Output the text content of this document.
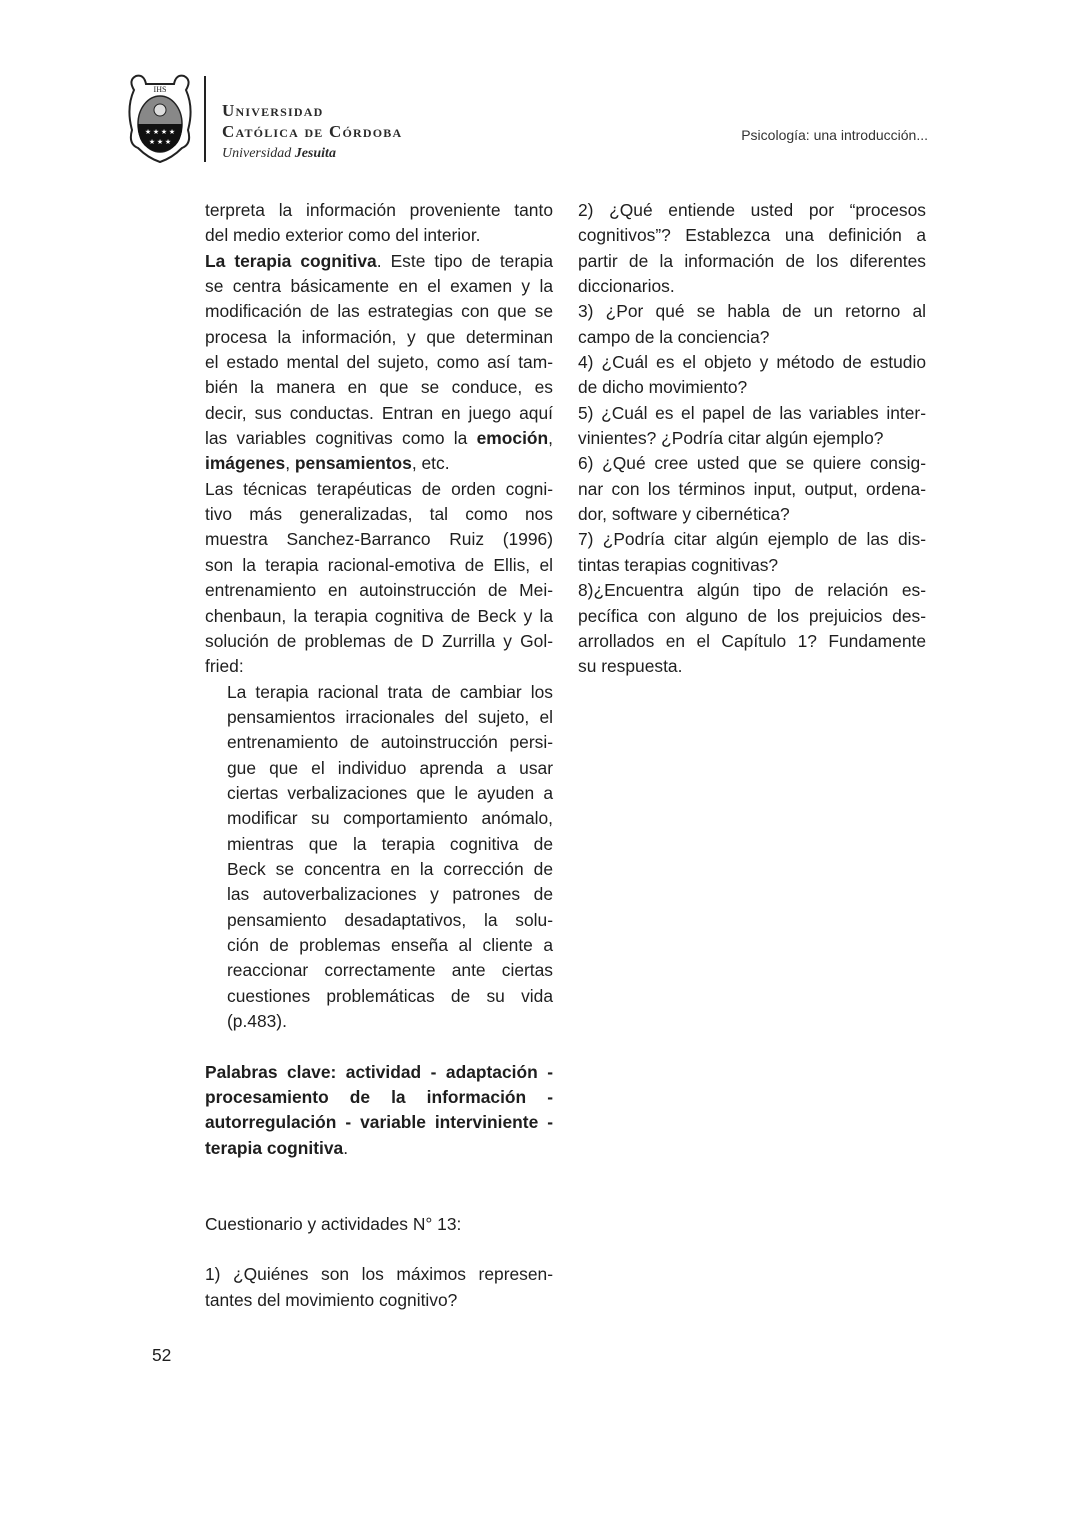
IHS
★ ★ ★ ★
★ ★ ★
Universidad
Católica de Córdoba
Universidad Jesuita
Psicología: una introducción...
terpreta la información proveniente tanto
del medio exterior como del interior.
La terapia cognitiva. Este tipo de terapia
se centra básicamente en el examen y la
modificación de las estrategias con que se
procesa la información, y que determinan
el estado mental del sujeto, como así tam-
bién la manera en que se conduce, es
decir, sus conductas. Entran en juego aquí
las variables cognitivas como la emoción,
imágenes, pensamientos, etc.
Las técnicas terapéuticas de orden cogni-
tivo más generalizadas, tal como nos
muestra Sanchez-Barranco Ruiz (1996)
son la terapia racional-emotiva de Ellis, el
entrenamiento en autoinstrucción de Mei-
chenbaun, la terapia cognitiva de Beck y la
solución de problemas de D Zurrilla y Gol-
fried:
La terapia racional trata de cambiar los
pensamientos irracionales del sujeto, el
entrenamiento de autoinstrucción persi-
gue que el individuo aprenda a usar
ciertas verbalizaciones que le ayuden a
modificar su comportamiento anómalo,
mientras que la terapia cognitiva de
Beck se concentra en la corrección de
las autoverbalizaciones y patrones de
pensamiento desadaptativos, la solu-
ción de problemas enseña al cliente a
reaccionar correctamente ante ciertas
cuestiones problemáticas de su vida
(p.483).
Palabras clave: actividad - adaptación -
procesamiento de la información -
autorregulación - variable interviniente -
terapia cognitiva.
Cuestionario y actividades N° 13:
1) ¿Quiénes son los máximos represen-
tantes del movimiento cognitivo?
2) ¿Qué entiende usted por “procesos
cognitivos”? Establezca una definición a
partir de la información de los diferentes
diccionarios.
3) ¿Por qué se habla de un retorno al
campo de la conciencia?
4) ¿Cuál es el objeto y método de estudio
de dicho movimiento?
5) ¿Cuál es el papel de las variables inter-
vinientes? ¿Podría citar algún ejemplo?
6) ¿Qué cree usted que se quiere consig-
nar con los términos input, output, ordena-
dor, software y cibernética?
7) ¿Podría citar algún ejemplo de las dis-
tintas terapias cognitivas?
8)¿Encuentra algún tipo de relación es-
pecífica con alguno de los prejuicios des-
arrollados en el Capítulo 1? Fundamente
su respuesta.
52
